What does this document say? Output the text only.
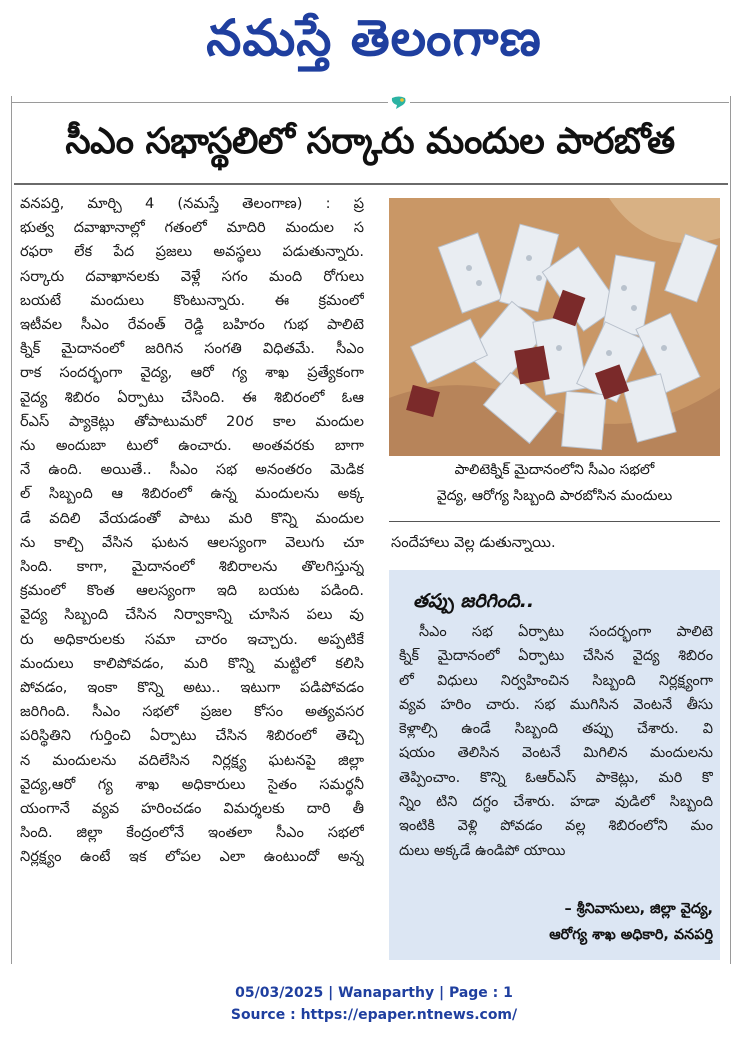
నమస్తే తెలంగాణ
సీఎం సభాస్థలిలో సర్కారు మందుల పారబోత
వనపర్తి, మార్చి 4 (నమస్తే తెలంగాణ) : ప్ర
భుత్వ దవాఖానాల్లో గతంలో మాదిరి మందుల స
రఫరా లేక పేద ప్రజలు అవస్థలు పడుతున్నారు.
సర్కారు దవాఖానలకు వెళ్లే సగం మంది రోగులు
బయటే మందులు కొంటున్నారు. ఈ క్రమంలో
ఇటీవల సీఎం రేవంత్ రెడ్డి బహిరం గుభ పాలిటె
క్నిక్ మైదానంలో జరిగిన సంగతి విధితమే. సీఎం
రాక సందర్భంగా వైద్య, ఆరో గ్య శాఖ ప్రత్యేకంగా
వైద్య శిబిరం ఏర్పాటు చేసింది. ఈ శిబిరంలో ఓఆ
ర్ఎస్ ప్యాకెట్లు తోపాటుమరో 20ర కాల మందుల
ను అందుబా టులో ఉంచారు. అంతవరకు బాగా
నే ఉంది. అయితే.. సీఎం సభ అనంతరం మెడిక
ల్ సిబ్బంది ఆ శిబిరంలో ఉన్న మందులను అక్క
డే వదిలి వేయడంతో పాటు మరి కొన్ని మందుల
ను కాల్చి వేసిన ఘటన ఆలస్యంగా వెలుగు చూ
సింది. కాగా, మైదానంలో శిబిరాలను తొలగిస్తున్న
క్రమంలో కొంత ఆలస్యంగా ఇది బయట పడింది.
వైద్య సిబ్బంది చేసిన నిర్వాకాన్ని చూసిన పలు వు
రు అధికారులకు సమా చారం ఇచ్చారు. అప్పటికే
మందులు కాలిపోవడం, మరి కొన్ని మట్టిలో కలిసి
పోవడం, ఇంకా కొన్ని అటు.. ఇటుగా పడిపోవడం
జరిగింది. సీఎం సభలో ప్రజల కోసం అత్యవసర
పరిస్థితిని గుర్తించి ఏర్పాటు చేసిన శిబిరంలో తెచ్చి
న మందులను వదిలేసిన నిర్లక్ష్య ఘటనపై జిల్లా
వైద్య,ఆరో గ్య శాఖ అధికారులు సైతం సమర్థనీ
యంగానే వ్యవ హరించడం విమర్శలకు దారి తీ
సింది. జిల్లా కేంద్రంలోనే ఇంతలా సీఎం సభలో
నిర్లక్ష్యం ఉంటే ఇక లోపల ఎలా ఉంటుందో అన్న
పాలిటెక్నిక్ మైదానంలోని సీఎం సభలో
వైద్య, ఆరోగ్య సిబ్బంది పారబోసిన మందులు
సందేహాలు వెల్ల డుతున్నాయి.
తప్పు జరిగింది..
సీఎం సభ ఏర్పాటు సందర్భంగా పాలిటె
క్నిక్ మైదానంలో ఏర్పాటు చేసిన వైద్య శిబిరం
లో విధులు నిర్వహించిన సిబ్బంది నిర్లక్ష్యంగా
వ్యవ హరిం చారు. సభ ముగిసిన వెంటనే తీసు
కెళ్లాల్సి ఉండే సిబ్బంది తప్పు చేశారు. వి
షయం తెలిసిన వెంటనే మిగిలిన మందులను
తెప్పించాం. కొన్ని ఓఆర్ఎస్ పాకెట్లు, మరి కొ
న్నిం టిని దగ్ధం చేశారు. హడా వుడిలో సిబ్బంది
ఇంటికి వెళ్లి పోవడం వల్ల శిబిరంలోని మం
దులు అక్కడే ఉండిపో యాయి
– శ్రీనివాసులు, జిల్లా వైద్య,
ఆరోగ్య శాఖ అధికారి, వనపర్తి
05/03/2025 | Wanaparthy | Page : 1
Source : https://epaper.ntnews.com/
